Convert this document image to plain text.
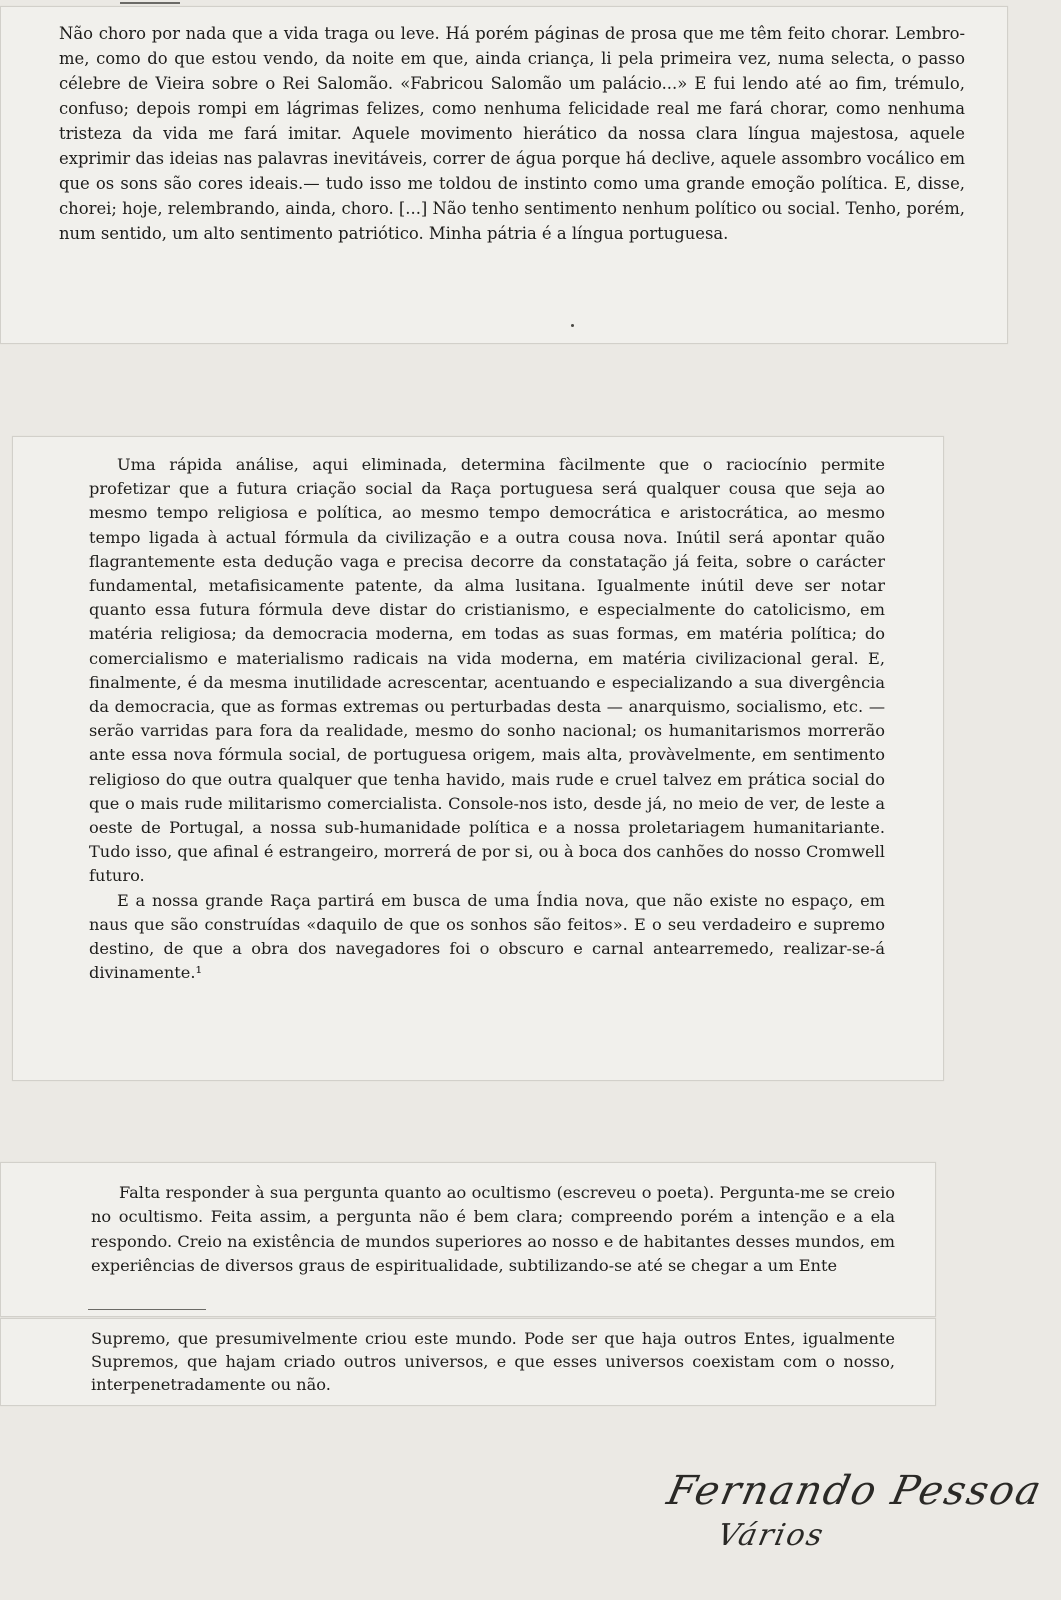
Não choro por nada que a vida traga ou leve. Há porém páginas de prosa que me têm feito chorar. Lembro-me, como do que estou vendo, da noite em que, ainda criança, li pela primeira vez, numa selecta, o passo célebre de Vieira sobre o Rei Salomão. «Fabricou Salomão um palácio...» E fui lendo até ao fim, trémulo, confuso; depois rompi em lágrimas felizes, como nenhuma felicidade real me fará chorar, como nenhuma tristeza da vida me fará imitar. Aquele movimento hierático da nossa clara língua majestosa, aquele exprimir das ideias nas palavras inevitáveis, correr de água porque há declive, aquele assombro vocálico em que os sons são cores ideais.— tudo isso me toldou de instinto como uma grande emoção política. E, disse, chorei; hoje, relembrando, ainda, choro. [...] Não tenho sentimento nenhum político ou social. Tenho, porém, num sentido, um alto sentimento patriótico. Minha pátria é a língua portuguesa.

Uma rápida análise, aqui eliminada, determina fàcilmente que o raciocínio permite profetizar que a futura criação social da Raça portuguesa será qualquer cousa que seja ao mesmo tempo religiosa e política, ao mesmo tempo democrática e aristocrática, ao mesmo tempo ligada à actual fórmula da civilização e a outra cousa nova. Inútil será apontar quão flagrantemente esta dedução vaga e precisa decorre da constatação já feita, sobre o carácter fundamental, metafisicamente patente, da alma lusitana. Igualmente inútil deve ser notar quanto essa futura fórmula deve distar do cristianismo, e especialmente do catolicismo, em matéria religiosa; da democracia moderna, em todas as suas formas, em matéria política; do comercialismo e materialismo radicais na vida moderna, em matéria civilizacional geral. E, finalmente, é da mesma inutilidade acrescentar, acentuando e especializando a sua divergência da democracia, que as formas extremas ou perturbadas desta — anarquismo, socialismo, etc. — serão varridas para fora da realidade, mesmo do sonho nacional; os humanitarismos morrerão ante essa nova fórmula social, de portuguesa origem, mais alta, provàvelmente, em sentimento religioso do que outra qualquer que tenha havido, mais rude e cruel talvez em prática social do que o mais rude militarismo comercialista. Console-nos isto, desde já, no meio de ver, de leste a oeste de Portugal, a nossa sub-humanidade política e a nossa proletariagem humanitariante. Tudo isso, que afinal é estrangeiro, morrerá de por si, ou à boca dos canhões do nosso Cromwell futuro.

E a nossa grande Raça partirá em busca de uma Índia nova, que não existe no espaço, em naus que são construídas «daquilo de que os sonhos são feitos». E o seu verdadeiro e supremo destino, de que a obra dos navegadores foi o obscuro e carnal antearremedo, realizar-se-á divinamente.¹

Falta responder à sua pergunta quanto ao ocultismo (escreveu o poeta). Pergunta-me se creio no ocultismo. Feita assim, a pergunta não é bem clara; compreendo porém a intenção e a ela respondo. Creio na existência de mundos superiores ao nosso e de habitantes desses mundos, em experiências de diversos graus de espiritualidade, subtilizando-se até se chegar a um Ente

Supremo, que presumivelmente criou este mundo. Pode ser que haja outros Entes, igualmente Supremos, que hajam criado outros universos, e que esses universos coexistam com o nosso, interpenetradamente ou não.

Fernando Pessoa
Vários
